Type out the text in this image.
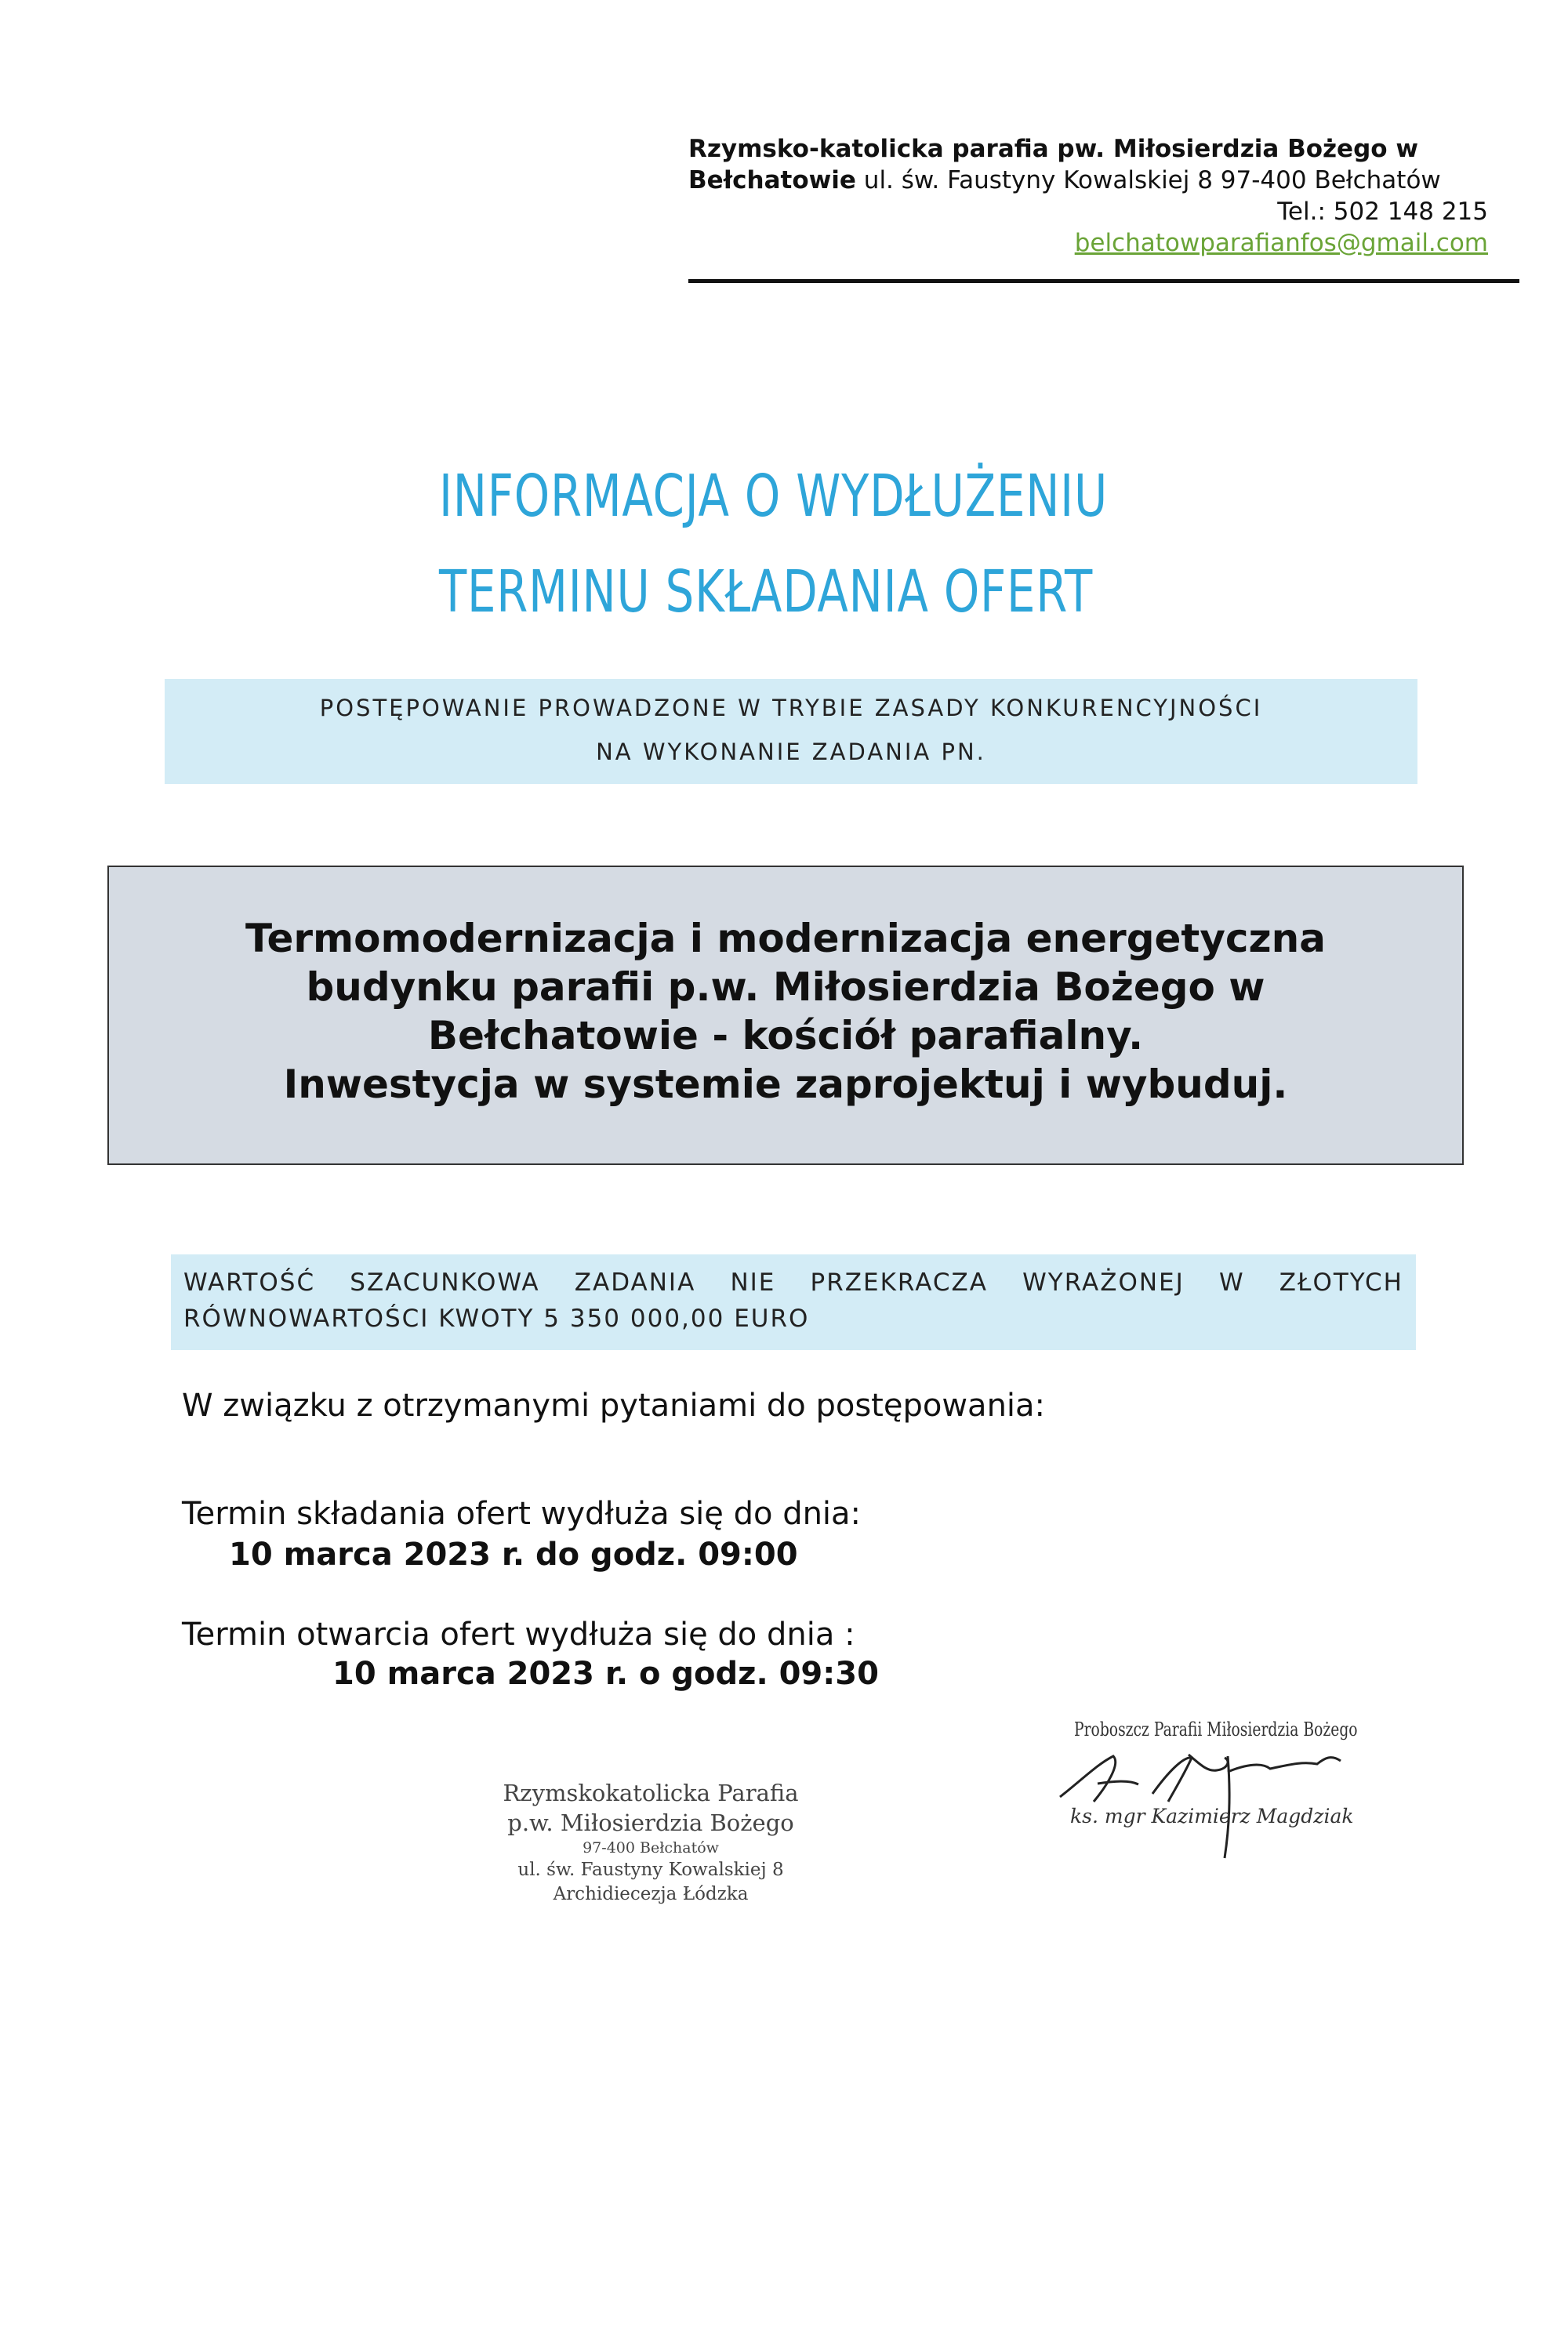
Rzymsko-katolicka parafia pw. Miłosierdzia Bożego w
Bełchatowie ul. św. Faustyny Kowalskiej 8 97-400 Bełchatów
Tel.: 502 148 215
belchatowparafianfos@gmail.com
INFORMACJA O WYDŁUŻENIU
TERMINU SKŁADANIA OFERT
POSTĘPOWANIE PROWADZONE W TRYBIE ZASADY KONKURENCYJNOŚCI
NA WYKONANIE ZADANIA PN.
Termomodernizacja i modernizacja energetyczna
budynku parafii p.w. Miłosierdzia Bożego w
Bełchatowie - kościół parafialny.
Inwestycja w systemie zaprojektuj i wybuduj.
WARTOŚĆ SZACUNKOWA ZADANIA NIE PRZEKRACZA WYRAŻONEJ W ZŁOTYCH
RÓWNOWARTOŚCI KWOTY 5 350 000,00 EURO
W związku z otrzymanymi pytaniami do postępowania:
Termin składania ofert wydłuża się do dnia:
10 marca 2023 r. do godz. 09:00
Termin otwarcia ofert wydłuża się do dnia :
10 marca 2023 r. o godz. 09:30
Rzymskokatolicka Parafia
p.w. Miłosierdzia Bożego
97-400 Bełchatów
ul. św. Faustyny Kowalskiej 8
Archidiecezja Łódzka
Proboszcz Parafii Miłosierdzia Bożego
ks. mgr Kazimierz Magdziak
